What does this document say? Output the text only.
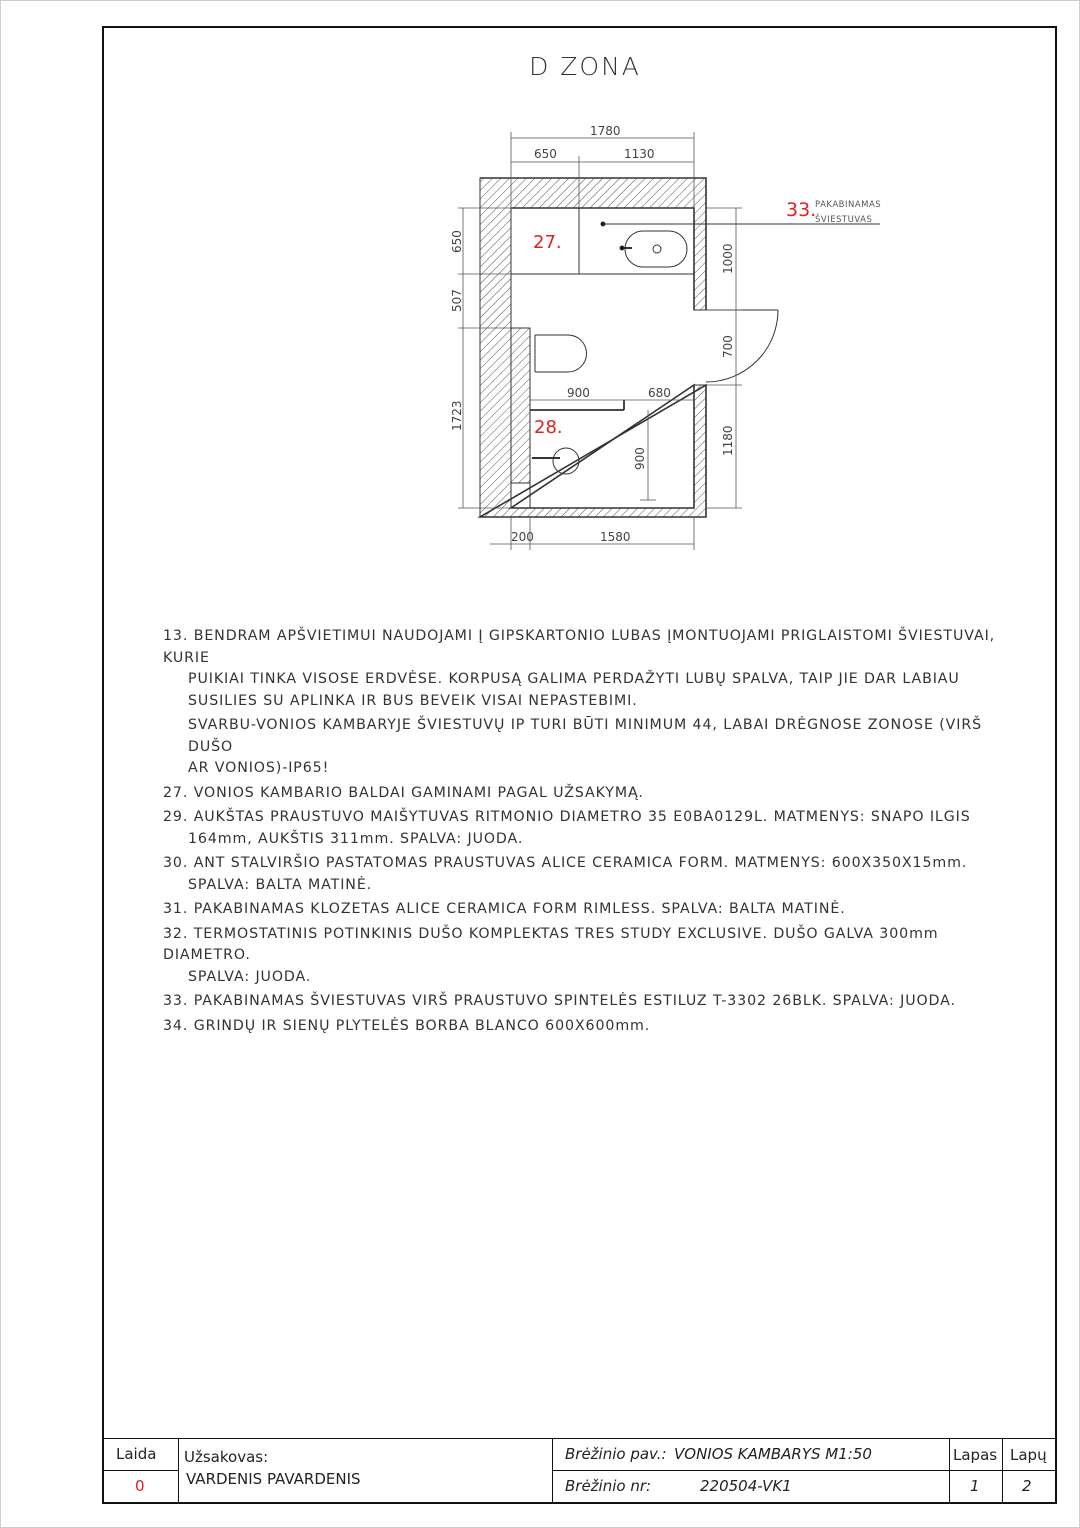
D ZONA
1780
650	1130
650
507
1723
1000
700
1180
900	680
900
200	1580
27.
28.
33.
PAKABINAMAS
ŠVIESTUVAS
13. BENDRAM APŠVIETIMUI NAUDOJAMI Į GIPSKARTONIO LUBAS ĮMONTUOJAMI PRIGLAISTOMI ŠVIESTUVAI, KURIE
PUIKIAI TINKA VISOSE ERDVĖSE. KORPUSĄ GALIMA PERDAŽYTI LUBŲ SPALVA, TAIP JIE DAR LABIAU
SUSILIES SU APLINKA IR BUS BEVEIK VISAI NEPASTEBIMI.
SVARBU-VONIOS KAMBARYJE ŠVIESTUVŲ IP TURI BŪTI MINIMUM 44, LABAI DRĖGNOSE ZONOSE (VIRŠ DUŠO
AR VONIOS)-IP65!
27. VONIOS KAMBARIO BALDAI GAMINAMI PAGAL UŽSAKYMĄ.
29. AUKŠTAS PRAUSTUVO MAIŠYTUVAS RITMONIO DIAMETRO 35 E0BA0129L. MATMENYS: SNAPO ILGIS
164mm, AUKŠTIS 311mm. SPALVA: JUODA.
30. ANT STALVIRŠIO PASTATOMAS PRAUSTUVAS ALICE CERAMICA FORM. MATMENYS: 600X350X15mm.
SPALVA: BALTA MATINĖ.
31. PAKABINAMAS KLOZETAS ALICE CERAMICA FORM RIMLESS. SPALVA: BALTA MATINĖ.
32. TERMOSTATINIS POTINKINIS DUŠO KOMPLEKTAS TRES STUDY EXCLUSIVE. DUŠO GALVA 300mm DIAMETRO.
SPALVA: JUODA.
33. PAKABINAMAS ŠVIESTUVAS VIRŠ PRAUSTUVO SPINTELĖS ESTILUZ T-3302 26BLK. SPALVA: JUODA.
34. GRINDŲ IR SIENŲ PLYTELĖS BORBA BLANCO 600X600mm.
Laida
0
Užsakovas:
VARDENIS PAVARDENIS
Brėžinio pav.: VONIOS KAMBARYS M1:50
Brėžinio nr:	220504-VK1
Lapas
1
Lapų
2
